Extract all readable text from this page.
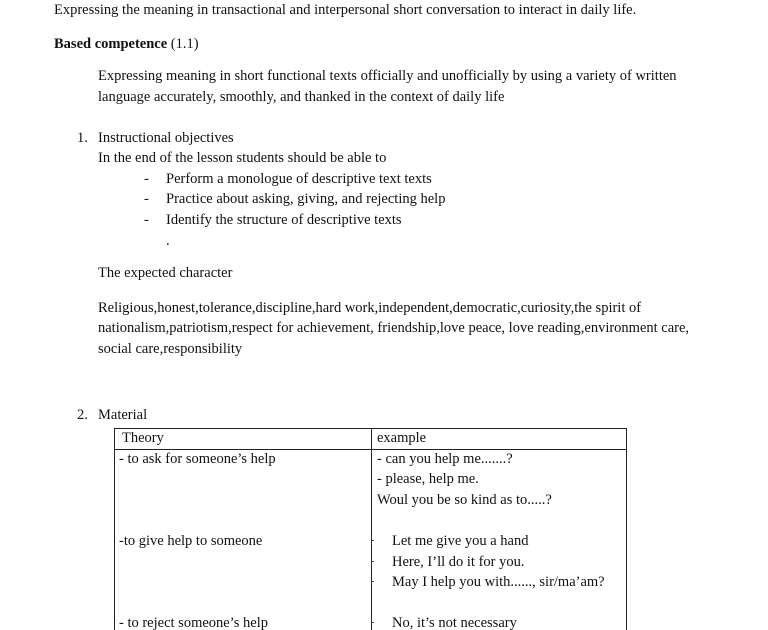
Expressing the meaning in transactional and interpersonal short conversation to interact in daily life.
Based competence (1.1)
Expressing meaning in short functional texts officially and unofficially by using a variety of written
language accurately, smoothly, and thanked in the context of daily life
1. Instructional objectives
In the end of the lesson students should be able to
- Perform a monologue of descriptive text texts
- Practice about asking, giving, and rejecting help
- Identify the structure of descriptive texts
.
The expected character
Religious,honest,tolerance,discipline,hard work,independent,democratic,curiosity,the spirit of
nationalism,patriotism,respect for achievement, friendship,love peace, love reading,environment care,
social care,responsibility
2. Material
Theory	example
- to ask for someone’s help
-to give help to someone
- to reject someone’s help
- can you help me.......?
- please, help me.
Woul you be so kind as to.....?
Let me give you a hand
Here, I’ll do it for you.
May I help you with......, sir/ma’am?
No, it’s not necessary
